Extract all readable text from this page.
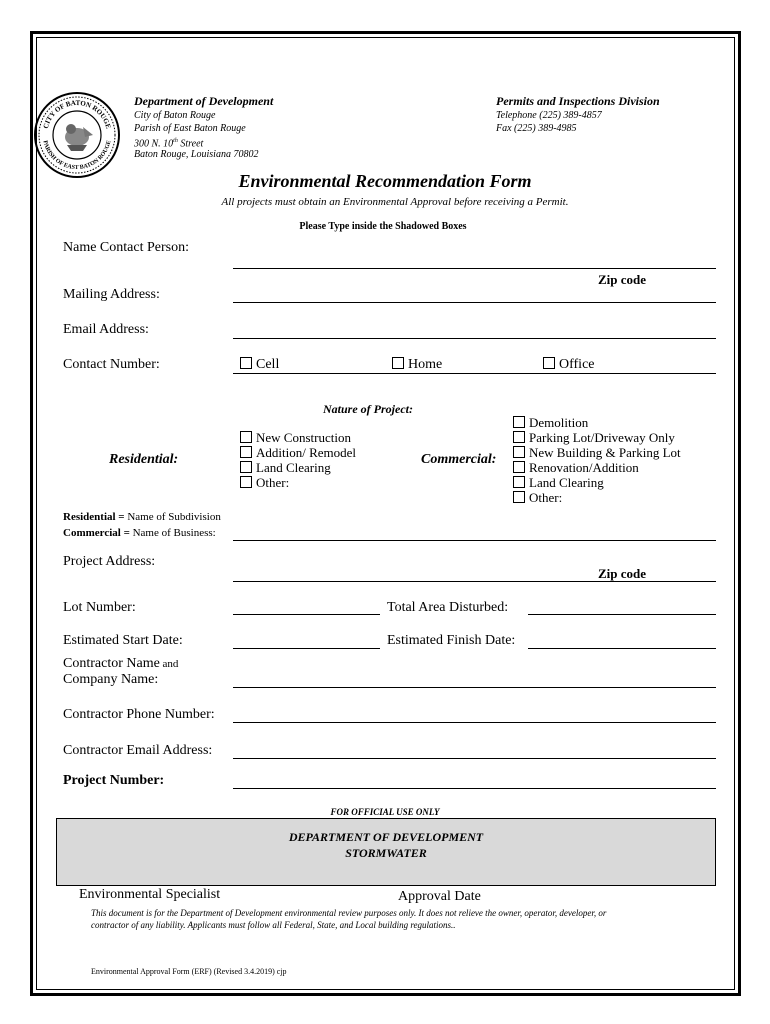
CITY OF BATON ROUGE
PARISH OF EAST BATON ROUGE
Department of Development
City of Baton Rouge
Parish of East Baton Rouge
300 N. 10th Street
Baton Rouge, Louisiana 70802
Permits and Inspections Division
Telephone (225) 389-4857
Fax (225) 389-4985
Environmental Recommendation Form
All projects must obtain an Environmental Approval before receiving a Permit.
Please Type inside the Shadowed Boxes
Name Contact Person:
Zip code
Mailing Address:
Email Address:
Contact Number:	Cell	Home	Office
Nature of Project:
Residential:
New Construction
Addition/ Remodel
Land Clearing
Other:
Commercial:
Demolition
Parking Lot/Driveway Only
New Building & Parking Lot
Renovation/Addition
Land Clearing
Other:
Residential = Name of Subdivision
Commercial = Name of Business:
Project Address:
Zip code
Lot Number:	Total Area Disturbed:
Estimated Start Date:	Estimated Finish Date:
Contractor Name and
Company Name:
Contractor Phone Number:
Contractor Email Address:
Project Number:
FOR OFFICIAL USE ONLY
DEPARTMENT OF DEVELOPMENT
STORMWATER
Environmental Specialist	Approval Date
This document is for the Department of Development environmental review purposes only. It does not relieve the owner, operator, developer, or
contractor of any liability. Applicants must follow all Federal, State, and Local building regulations..
Environmental Approval Form (ERF) (Revised 3.4.2019) cjp
